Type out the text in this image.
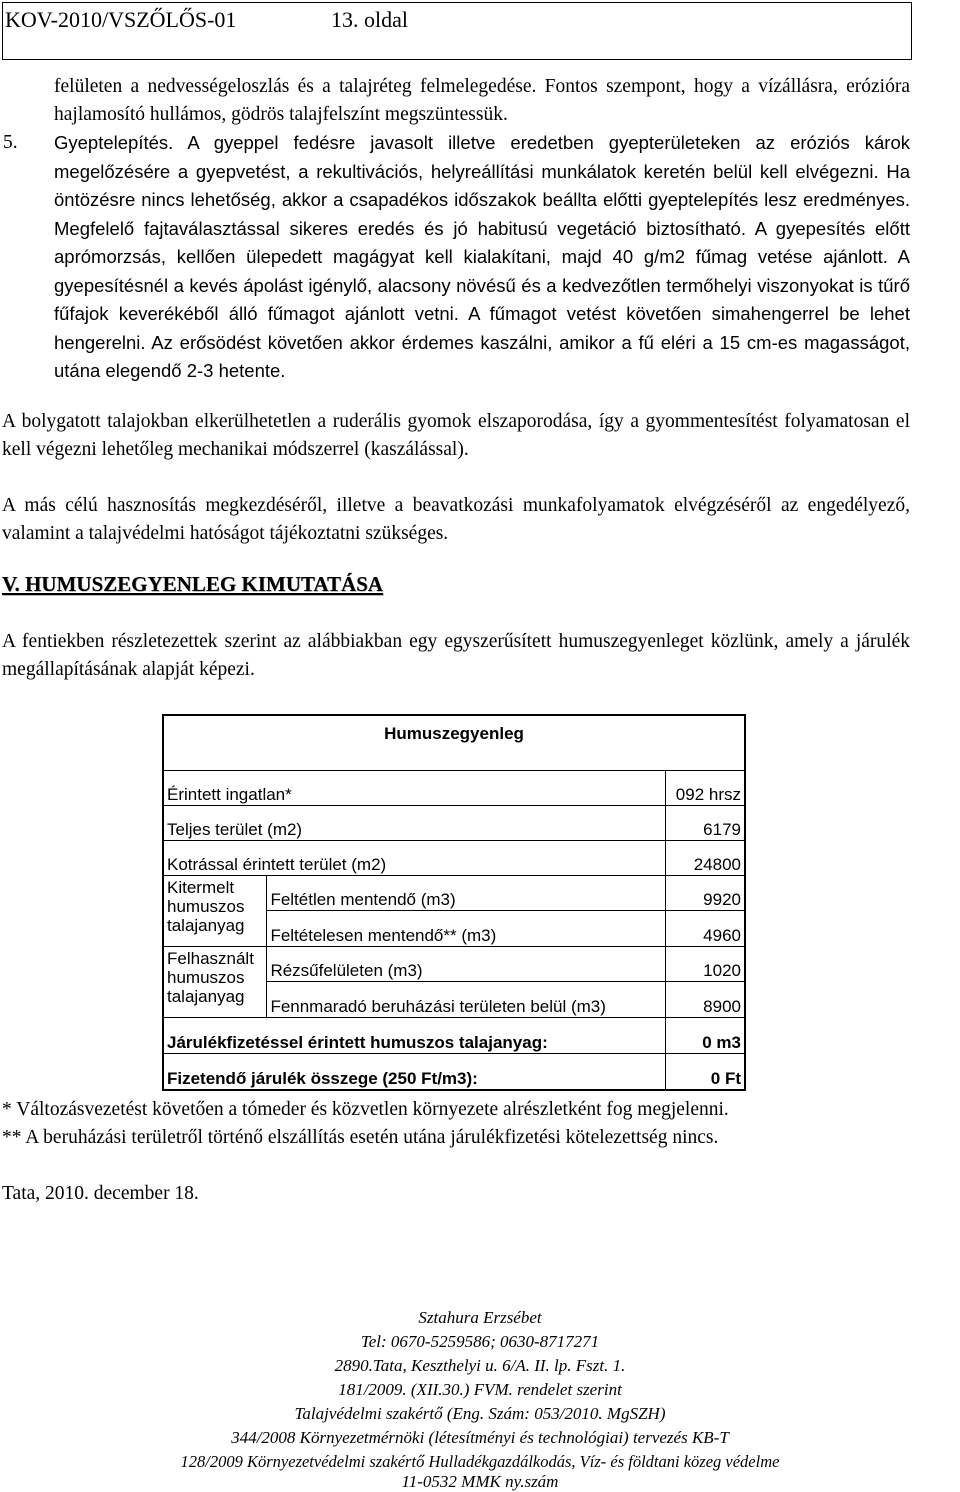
KOV-2010/VSZŐLŐS-01	13. oldal

felületen a nedvességeloszlás és a talajréteg felmelegedése. Fontos szempont, hogy a vízállásra, erózióra hajlamosító hullámos, gödrös talajfelszínt megszüntessük.

5. Gyeptelepítés. A gyeppel fedésre javasolt illetve eredetben gyepterületeken az eróziós károk megelőzésére a gyepvetést, a rekultivációs, helyreállítási munkálatok keretén belül kell elvégezni. Ha öntözésre nincs lehetőség, akkor a csapadékos időszakok beállta előtti gyeptelepítés lesz eredményes. Megfelelő fajtaválasztással sikeres eredés és jó habitusú vegetáció biztosítható. A gyepesítés előtt aprómorzsás, kellően ülepedett magágyat kell kialakítani, majd 40 g/m2 fűmag vetése ajánlott. A gyepesítésnél a kevés ápolást igénylő, alacsony növésű és a kedvezőtlen termőhelyi viszonyokat is tűrő fűfajok keverékéből álló fűmagot ajánlott vetni. A fűmagot vetést követően simahengerrel be lehet hengerelni. Az erősödést követően akkor érdemes kaszálni, amikor a fű eléri a 15 cm-es magasságot, utána elegendő 2-3 hetente.

A bolygatott talajokban elkerülhetetlen a ruderális gyomok elszaporodása, így a gyommentesítést folyamatosan el kell végezni lehetőleg mechanikai módszerrel (kaszálással).

A más célú hasznosítás megkezdéséről, illetve a beavatkozási munkafolyamatok elvégzéséről az engedélyező, valamint a talajvédelmi hatóságot tájékoztatni szükséges.

V. HUMUSZEGYENLEG KIMUTATÁSA

A fentiekben részletezettek szerint az alábbiakban egy egyszerűsített humuszegyenleget közlünk, amely a járulék megállapításának alapját képezi.

Humuszegyenleg		

Érintett ingatlan*		092 hrsz
Teljes terület (m2)		6179
Kotrással érintett terület (m2)		24800
Kitermelt humuszos talajanyag	Feltétlen mentendő (m3)	9920
	Feltételesen mentendő** (m3)	4960
Felhasznált humuszos talajanyag	Rézsűfelületen (m3)	1020
	Fennmaradó beruházási területen belül (m3)	8900
Járulékfizetéssel érintett humuszos talajanyag:		0 m3
Fizetendő járulék összege (250 Ft/m3):		0 Ft
* Változásvezetést követően a tómeder és közvetlen környezete alrészletként fog megjelenni.
** A beruházási területről történő elszállítás esetén utána járulékfizetési kötelezettség nincs.
Tata, 2010. december 18.
Sztahura Erzsébet
Tel: 0670-5259586; 0630-8717271
2890.Tata, Keszthelyi u. 6/A. II. lp. Fszt. 1.
181/2009. (XII.30.) FVM. rendelet szerint
Talajvédelmi szakértő (Eng. Szám: 053/2010. MgSZH)
344/2008 Környezetmérnöki (létesítményi és technológiai) tervezés KB-T
128/2009 Környezetvédelmi szakértő Hulladékgazdálkodás, Víz- és földtani közeg védelme
11-0532 MMK ny.szám
